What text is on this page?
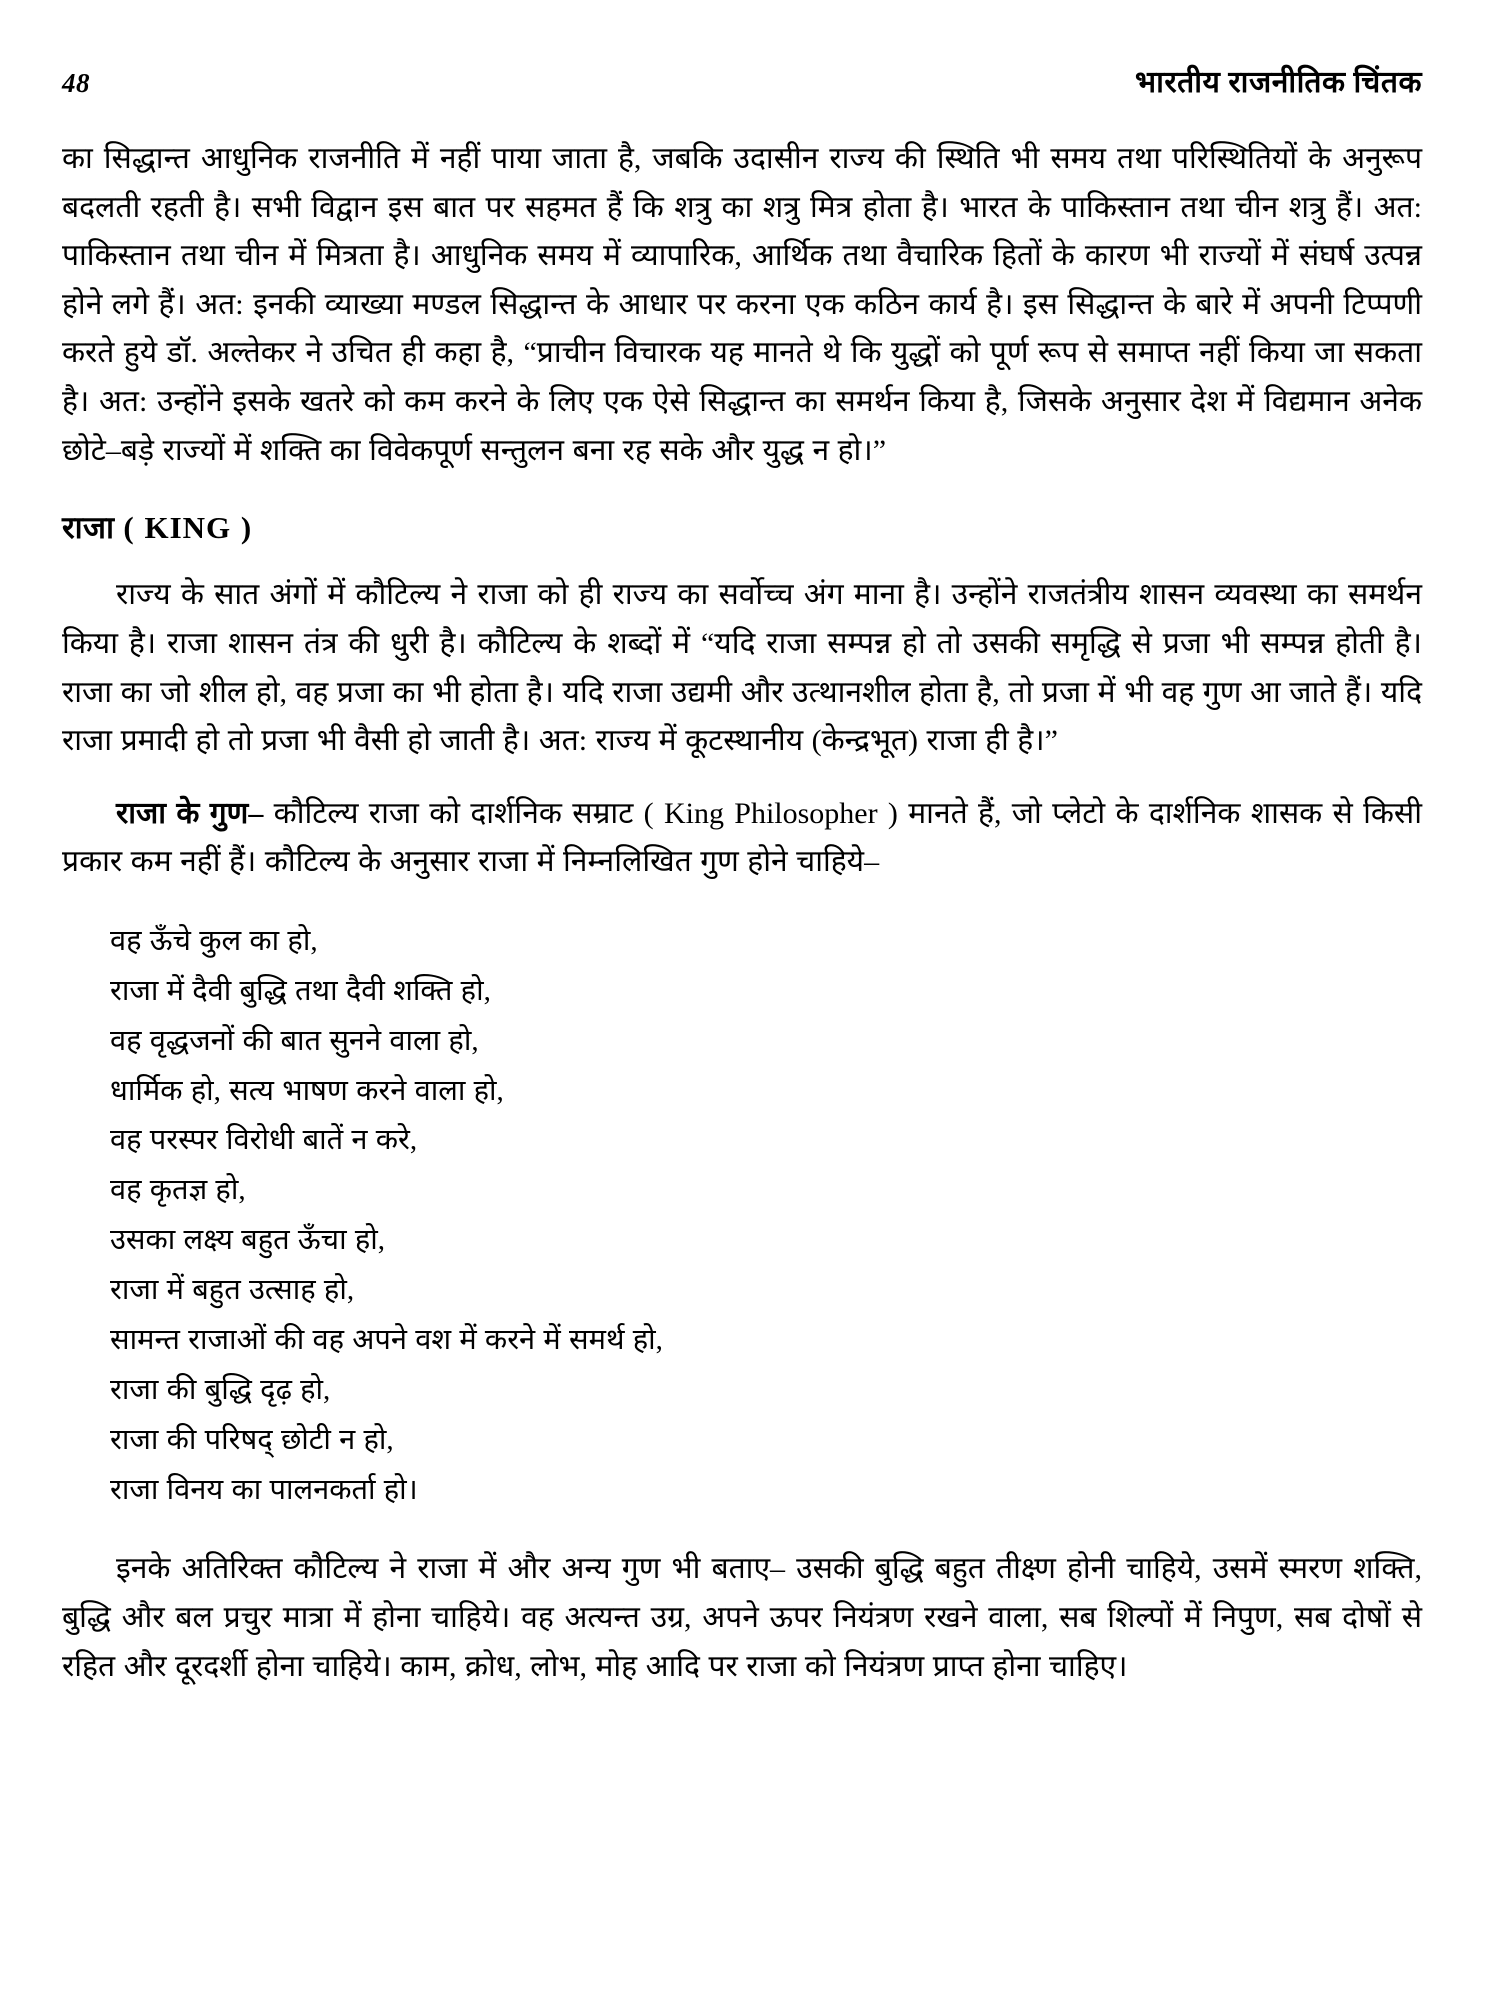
48	भारतीय राजनीतिक चिंतक

का सिद्धान्त आधुनिक राजनीति में नहीं पाया जाता है, जबकि उदासीन राज्य की स्थिति भी समय तथा परिस्थितियों के अनुरूप बदलती रहती है। सभी विद्वान इस बात पर सहमत हैं कि शत्रु का शत्रु मित्र होता है। भारत के पाकिस्तान तथा चीन शत्रु हैं। अत: पाकिस्तान तथा चीन में मित्रता है। आधुनिक समय में व्यापारिक, आर्थिक तथा वैचारिक हितों के कारण भी राज्यों में संघर्ष उत्पन्न होने लगे हैं। अत: इनकी व्याख्या मण्डल सिद्धान्त के आधार पर करना एक कठिन कार्य है। इस सिद्धान्त के बारे में अपनी टिप्पणी करते हुये डॉ. अल्तेकर ने उचित ही कहा है, “प्राचीन विचारक यह मानते थे कि युद्धों को पूर्ण रूप से समाप्त नहीं किया जा सकता है। अत: उन्होंने इसके खतरे को कम करने के लिए एक ऐसे सिद्धान्त का समर्थन किया है, जिसके अनुसार देश में विद्यमान अनेक छोटे–बड़े राज्यों में शक्ति का विवेकपूर्ण सन्तुलन बना रह सके और युद्ध न हो।”

राजा ( KING )

राज्य के सात अंगों में कौटिल्य ने राजा को ही राज्य का सर्वोच्च अंग माना है। उन्होंने राजतंत्रीय शासन व्यवस्था का समर्थन किया है। राजा शासन तंत्र की धुरी है। कौटिल्य के शब्दों में “यदि राजा सम्पन्न हो तो उसकी समृद्धि से प्रजा भी सम्पन्न होती है। राजा का जो शील हो, वह प्रजा का भी होता है। यदि राजा उद्यमी और उत्थानशील होता है, तो प्रजा में भी वह गुण आ जाते हैं। यदि राजा प्रमादी हो तो प्रजा भी वैसी हो जाती है। अत: राज्य में कूटस्थानीय (केन्द्रभूत) राजा ही है।”

राजा के गुण– कौटिल्य राजा को दार्शनिक सम्राट ( King Philosopher ) मानते हैं, जो प्लेटो के दार्शनिक शासक से किसी प्रकार कम नहीं हैं। कौटिल्य के अनुसार राजा में निम्नलिखित गुण होने चाहिये–

वह ऊँचे कुल का हो,
राजा में दैवी बुद्धि तथा दैवी शक्ति हो,
वह वृद्धजनों की बात सुनने वाला हो,
धार्मिक हो, सत्य भाषण करने वाला हो,
वह परस्पर विरोधी बातें न करे,
वह कृतज्ञ हो,
उसका लक्ष्य बहुत ऊँचा हो,
राजा में बहुत उत्साह हो,
सामन्त राजाओं की वह अपने वश में करने में समर्थ हो,
राजा की बुद्धि दृढ़ हो,
राजा की परिषद् छोटी न हो,
राजा विनय का पालनकर्ता हो।

इनके अतिरिक्त कौटिल्य ने राजा में और अन्य गुण भी बताए– उसकी बुद्धि बहुत तीक्ष्ण होनी चाहिये, उसमें स्मरण शक्ति, बुद्धि और बल प्रचुर मात्रा में होना चाहिये। वह अत्यन्त उग्र, अपने ऊपर नियंत्रण रखने वाला, सब शिल्पों में निपुण, सब दोषों से रहित और दूरदर्शी होना चाहिये। काम, क्रोध, लोभ, मोह आदि पर राजा को नियंत्रण प्राप्त होना चाहिए।
